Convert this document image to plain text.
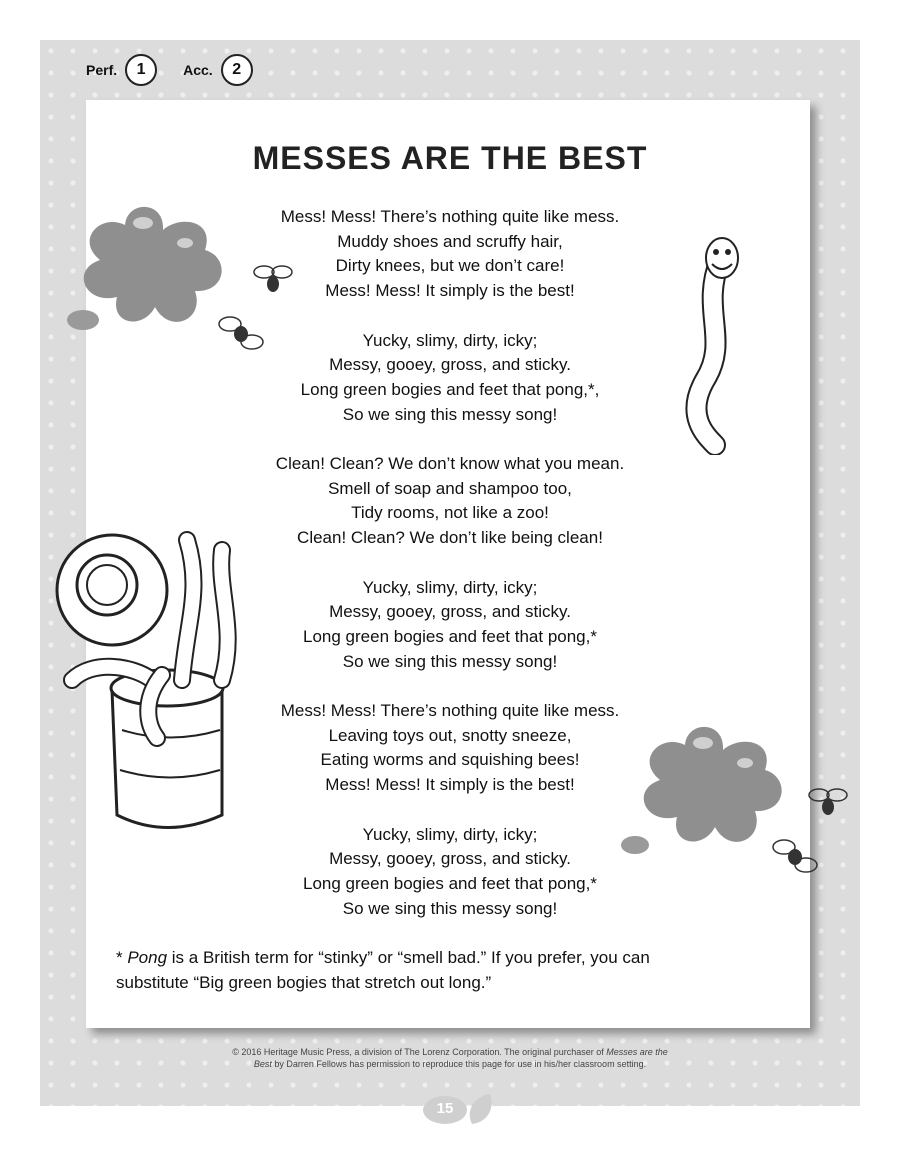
Perf.	1	Acc.	2
MESSES ARE THE BEST
Mess! Mess! There’s nothing quite like mess.
Muddy shoes and scruffy hair,
Dirty knees, but we don’t care!
Mess! Mess! It simply is the best!
Yucky, slimy, dirty, icky;
Messy, gooey, gross, and sticky.
Long green bogies and feet that pong,*,
So we sing this messy song!
Clean! Clean? We don’t know what you mean.
Smell of soap and shampoo too,
Tidy rooms, not like a zoo!
Clean! Clean? We don’t like being clean!
Yucky, slimy, dirty, icky;
Messy, gooey, gross, and sticky.
Long green bogies and feet that pong,*
So we sing this messy song!
Mess! Mess! There’s nothing quite like mess.
Leaving toys out, snotty sneeze,
Eating worms and squishing bees!
Mess! Mess! It simply is the best!
Yucky, slimy, dirty, icky;
Messy, gooey, gross, and sticky.
Long green bogies and feet that pong,*
So we sing this messy song!
* Pong is a British term for “stinky” or “smell bad.” If you prefer, you can
substitute “Big green bogies that stretch out long.”
© 2016 Heritage Music Press, a division of The Lorenz Corporation. The original purchaser of Messes are the
Best by Darren Fellows has permission to reproduce this page for use in his/her classroom setting.
15
